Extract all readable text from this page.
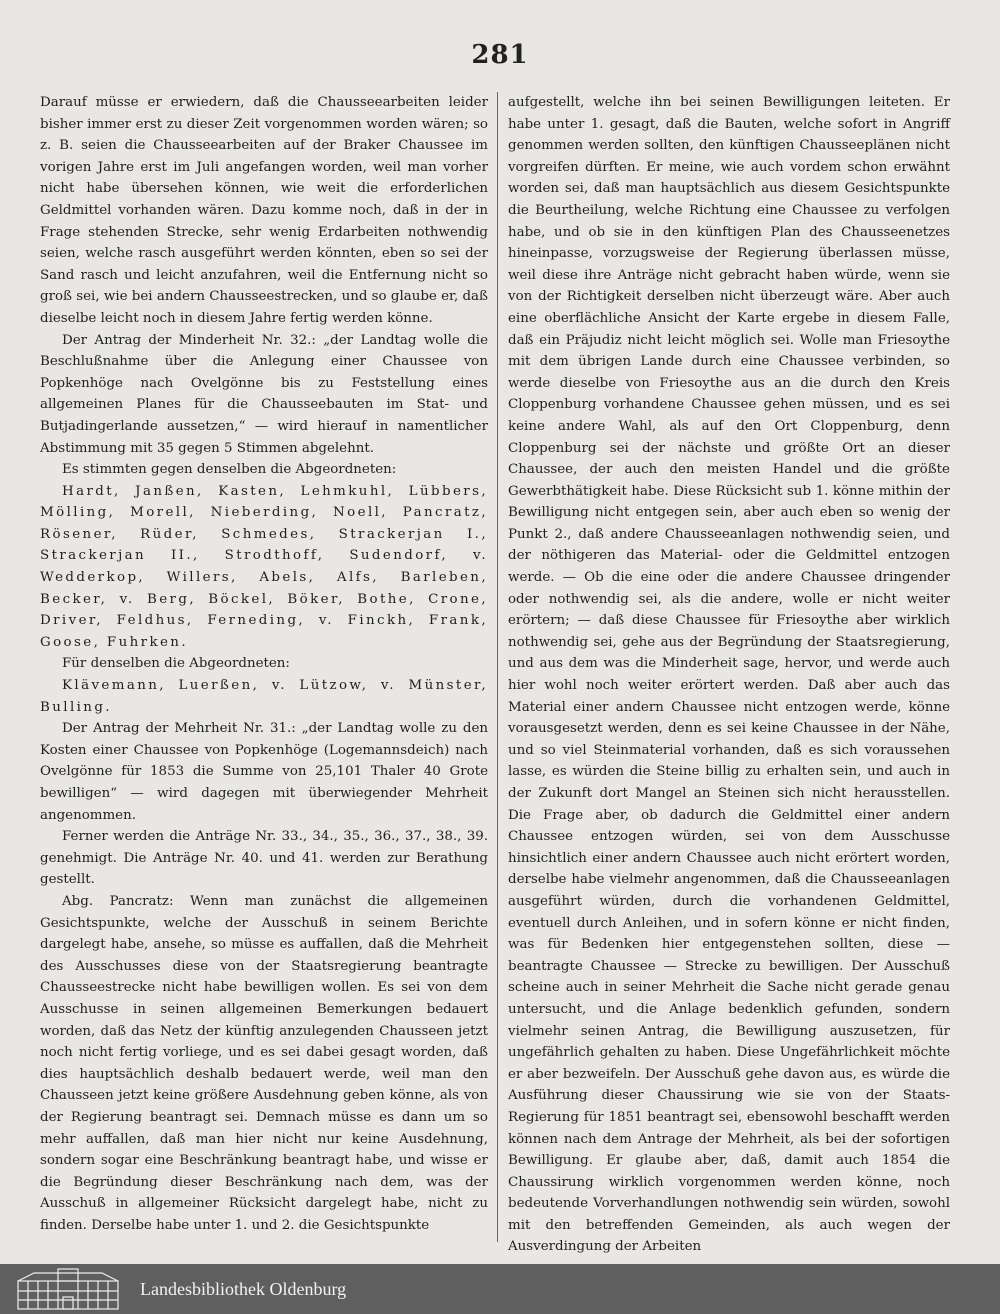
281

Darauf müsse er erwiedern, daß die Chausseearbeiten leider bisher immer erst zu dieser Zeit vorgenommen worden wären; so z. B. seien die Chausseearbeiten auf der Braker Chaussee im vorigen Jahre erst im Juli angefangen worden, weil man vorher nicht habe übersehen können, wie weit die erforderlichen Geldmittel vorhanden wären. Dazu komme noch, daß in der in Frage stehenden Strecke, sehr wenig Erdarbeiten nothwendig seien, welche rasch ausgeführt werden könnten, eben so sei der Sand rasch und leicht anzufahren, weil die Entfernung nicht so groß sei, wie bei andern Chausseestrecken, und so glaube er, daß dieselbe leicht noch in diesem Jahre fertig werden könne.

Der Antrag der Minderheit Nr. 32.: „der Landtag wolle die Beschlußnahme über die Anlegung einer Chaussee von Popkenhöge nach Ovelgönne bis zu Feststellung eines allgemeinen Planes für die Chausseebauten im Stat- und Butjadingerlande aussetzen,“ — wird hierauf in namentlicher Abstimmung mit 35 gegen 5 Stimmen abgelehnt.

Es stimmten gegen denselben die Abgeordneten:

Hardt, Janßen, Kasten, Lehmkuhl, Lübbers, Mölling, Morell, Nieberding, Noell, Pancratz, Rösener, Rüder, Schmedes, Strackerjan I., Strackerjan II., Strodthoff, Sudendorf, v. Wedderkop, Willers, Abels, Alfs, Barleben, Becker, v. Berg, Böckel, Böker, Bothe, Crone, Driver, Feldhus, Ferneding, v. Finckh, Frank, Goose, Fuhrken.

Für denselben die Abgeordneten:

Klävemann, Luerßen, v. Lützow, v. Münster, Bulling.

Der Antrag der Mehrheit Nr. 31.: „der Landtag wolle zu den Kosten einer Chaussee von Popkenhöge (Logemannsdeich) nach Ovelgönne für 1853 die Summe von 25,101 Thaler 40 Grote bewilligen“ — wird dagegen mit überwiegender Mehrheit angenommen.

Ferner werden die Anträge Nr. 33., 34., 35., 36., 37., 38., 39. genehmigt. Die Anträge Nr. 40. und 41. werden zur Berathung gestellt.

Abg. Pancratz: Wenn man zunächst die allgemeinen Gesichtspunkte, welche der Ausschuß in seinem Berichte dargelegt habe, ansehe, so müsse es auffallen, daß die Mehrheit des Ausschusses diese von der Staatsregierung beantragte Chausseestrecke nicht habe bewilligen wollen. Es sei von dem Ausschusse in seinen allgemeinen Bemerkungen bedauert worden, daß das Netz der künftig anzulegenden Chausseen jetzt noch nicht fertig vorliege, und es sei dabei gesagt worden, daß dies hauptsächlich deshalb bedauert werde, weil man den Chausseen jetzt keine größere Ausdehnung geben könne, als von der Regierung beantragt sei. Demnach müsse es dann um so mehr auffallen, daß man hier nicht nur keine Ausdehnung, sondern sogar eine Beschränkung beantragt habe, und wisse er die Begründung dieser Beschränkung nach dem, was der Ausschuß in allgemeiner Rücksicht dargelegt habe, nicht zu finden. Derselbe habe unter 1. und 2. die Gesichtspunkte

aufgestellt, welche ihn bei seinen Bewilligungen leiteten. Er habe unter 1. gesagt, daß die Bauten, welche sofort in Angriff genommen werden sollten, den künftigen Chausseeplänen nicht vorgreifen dürften. Er meine, wie auch vordem schon erwähnt worden sei, daß man hauptsächlich aus diesem Gesichtspunkte die Beurtheilung, welche Richtung eine Chaussee zu verfolgen habe, und ob sie in den künftigen Plan des Chausseenetzes hineinpasse, vorzugsweise der Regierung überlassen müsse, weil diese ihre Anträge nicht gebracht haben würde, wenn sie von der Richtigkeit derselben nicht überzeugt wäre. Aber auch eine oberflächliche Ansicht der Karte ergebe in diesem Falle, daß ein Präjudiz nicht leicht möglich sei. Wolle man Friesoythe mit dem übrigen Lande durch eine Chaussee verbinden, so werde dieselbe von Friesoythe aus an die durch den Kreis Cloppenburg vorhandene Chaussee gehen müssen, und es sei keine andere Wahl, als auf den Ort Cloppenburg, denn Cloppenburg sei der nächste und größte Ort an dieser Chaussee, der auch den meisten Handel und die größte Gewerbthätigkeit habe. Diese Rücksicht sub 1. könne mithin der Bewilligung nicht entgegen sein, aber auch eben so wenig der Punkt 2., daß andere Chausseeanlagen nothwendig seien, und der nöthigeren das Material- oder die Geldmittel entzogen werde. — Ob die eine oder die andere Chaussee dringender oder nothwendig sei, als die andere, wolle er nicht weiter erörtern; — daß diese Chaussee für Friesoythe aber wirklich nothwendig sei, gehe aus der Begründung der Staatsregierung, und aus dem was die Minderheit sage, hervor, und werde auch hier wohl noch weiter erörtert werden. Daß aber auch das Material einer andern Chaussee nicht entzogen werde, könne vorausgesetzt werden, denn es sei keine Chaussee in der Nähe, und so viel Steinmaterial vorhanden, daß es sich voraussehen lasse, es würden die Steine billig zu erhalten sein, und auch in der Zukunft dort Mangel an Steinen sich nicht herausstellen. Die Frage aber, ob dadurch die Geldmittel einer andern Chaussee entzogen würden, sei von dem Ausschusse hinsichtlich einer andern Chaussee auch nicht erörtert worden, derselbe habe vielmehr angenommen, daß die Chausseeanlagen ausgeführt würden, durch die vorhandenen Geldmittel, eventuell durch Anleihen, und in sofern könne er nicht finden, was für Bedenken hier entgegenstehen sollten, diese — beantragte Chaussee — Strecke zu bewilligen. Der Ausschuß scheine auch in seiner Mehrheit die Sache nicht gerade genau untersucht, und die Anlage bedenklich gefunden, sondern vielmehr seinen Antrag, die Bewilligung auszusetzen, für ungefährlich gehalten zu haben. Diese Ungefährlichkeit möchte er aber bezweifeln. Der Ausschuß gehe davon aus, es würde die Ausführung dieser Chaussirung wie sie von der Staats-Regierung für 1851 beantragt sei, ebensowohl beschafft werden können nach dem Antrage der Mehrheit, als bei der sofortigen Bewilligung. Er glaube aber, daß, damit auch 1854 die Chaussirung wirklich vorgenommen werden könne, noch bedeutende Vorverhandlungen nothwendig sein würden, sowohl mit den betreffenden Gemeinden, als auch wegen der Ausverdingung der Arbeiten

Landesbibliothek Oldenburg
